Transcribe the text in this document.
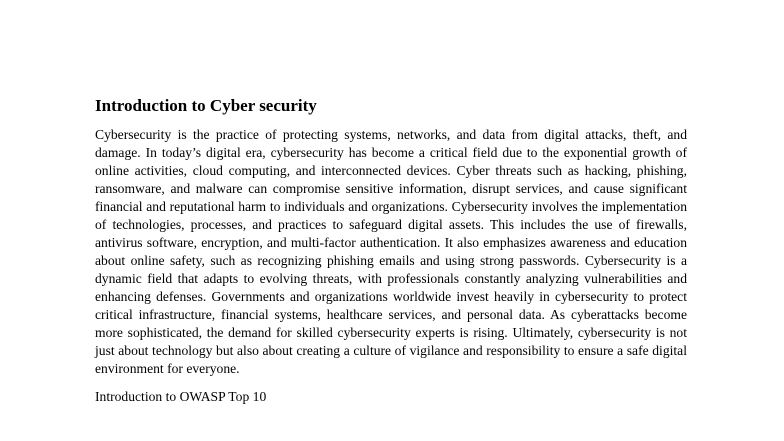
Introduction to Cyber security

Cybersecurity is the practice of protecting systems, networks, and data from digital attacks, theft, and damage. In today’s digital era, cybersecurity has become a critical field due to the exponential growth of online activities, cloud computing, and interconnected devices. Cyber threats such as hacking, phishing, ransomware, and malware can compromise sensitive information, disrupt services, and cause significant financial and reputational harm to individuals and organizations. Cybersecurity involves the implementation of technologies, processes, and practices to safeguard digital assets. This includes the use of firewalls, antivirus software, encryption, and multi-factor authentication. It also emphasizes awareness and education about online safety, such as recognizing phishing emails and using strong passwords. Cybersecurity is a dynamic field that adapts to evolving threats, with professionals constantly analyzing vulnerabilities and enhancing defenses. Governments and organizations worldwide invest heavily in cybersecurity to protect critical infrastructure, financial systems, healthcare services, and personal data. As cyberattacks become more sophisticated, the demand for skilled cybersecurity experts is rising. Ultimately, cybersecurity is not just about technology but also about creating a culture of vigilance and responsibility to ensure a safe digital environment for everyone.

Introduction to OWASP Top 10
